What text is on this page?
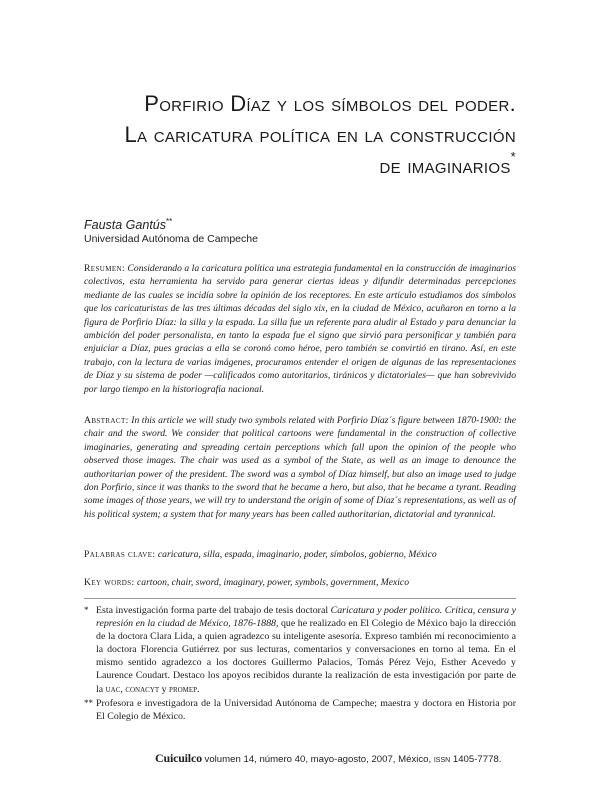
Porfirio Díaz y los símbolos del poder.
La caricatura política en la construcción
de imaginarios*
Fausta Gantús**
Universidad Autónoma de Campeche
Resumen: Considerando a la caricatura política una estrategia fundamental en la construcción de imaginarios colectivos, esta herramienta ha servido para generar ciertas ideas y difundir determinadas percepciones mediante de las cuales se incidía sobre la opinión de los receptores. En este artículo estudiamos dos símbolos que los caricaturistas de las tres últimas décadas del siglo xix, en la ciudad de México, acuñaron en torno a la figura de Porfirio Díaz: la silla y la espada. La silla fue un referente para aludir al Estado y para denunciar la ambición del poder personalista, en tanto la espada fue el signo que sirvió para personificar y también para enjuiciar a Díaz, pues gracias a ella se coronó como héroe, pero también se convirtió en tirano. Así, en este trabajo, con la lectura de varias imágenes, procuramos entender el origen de algunas de las representaciones de Díaz y su sistema de poder —calificados como autoritarios, tiránicos y dictatoriales— que han sobrevivido por largo tiempo en la historiografía nacional.
Abstract: In this article we will study two symbols related with Porfirio Díaz´s figure between 1870-1900: the chair and the sword. We consider that political cartoons were fundamental in the construction of collective imaginaries, generating and spreading certain perceptions which fall upon the opinion of the people who observed those images. The chair was used as a symbol of the State, as well as an image to denounce the authoritarian power of the president. The sword was a symbol of Díaz himself, but also an image used to judge don Porfirio, since it was thanks to the sword that he became a hero, but also, that he became a tyrant. Reading some images of those years, we will try to understand the origin of some of Díaz´s representations, as well as of his political system; a system that for many years has been called authoritarian, dictatorial and tyrannical.
Palabras clave: caricatura, silla, espada, imaginario, poder, símbolos, gobierno, México
Key words: cartoon, chair, sword, imaginary, power, symbols, government, Mexico
* Esta investigación forma parte del trabajo de tesis doctoral Caricatura y poder político. Crítica, censura y represión en la ciudad de México, 1876-1888, que he realizado en El Colegio de México bajo la dirección de la doctora Clara Lida, a quien agradezco su inteligente asesoría. Expreso también mi reconocimiento a la doctora Florencia Gutiérrez por sus lecturas, comentarios y conversaciones en torno al tema. En el mismo sentido agradezco a los doctores Guillermo Palacios, Tomás Pérez Vejo, Esther Acevedo y Laurence Coudart. Destaco los apoyos recibidos durante la realización de esta investigación por parte de la uac, conacyt y promep.
** Profesora e investigadora de la Universidad Autónoma de Campeche; maestra y doctora en Historia por El Colegio de México.
Cuicuilco volumen 14, número 40, mayo-agosto, 2007, México, issn 1405-7778.
